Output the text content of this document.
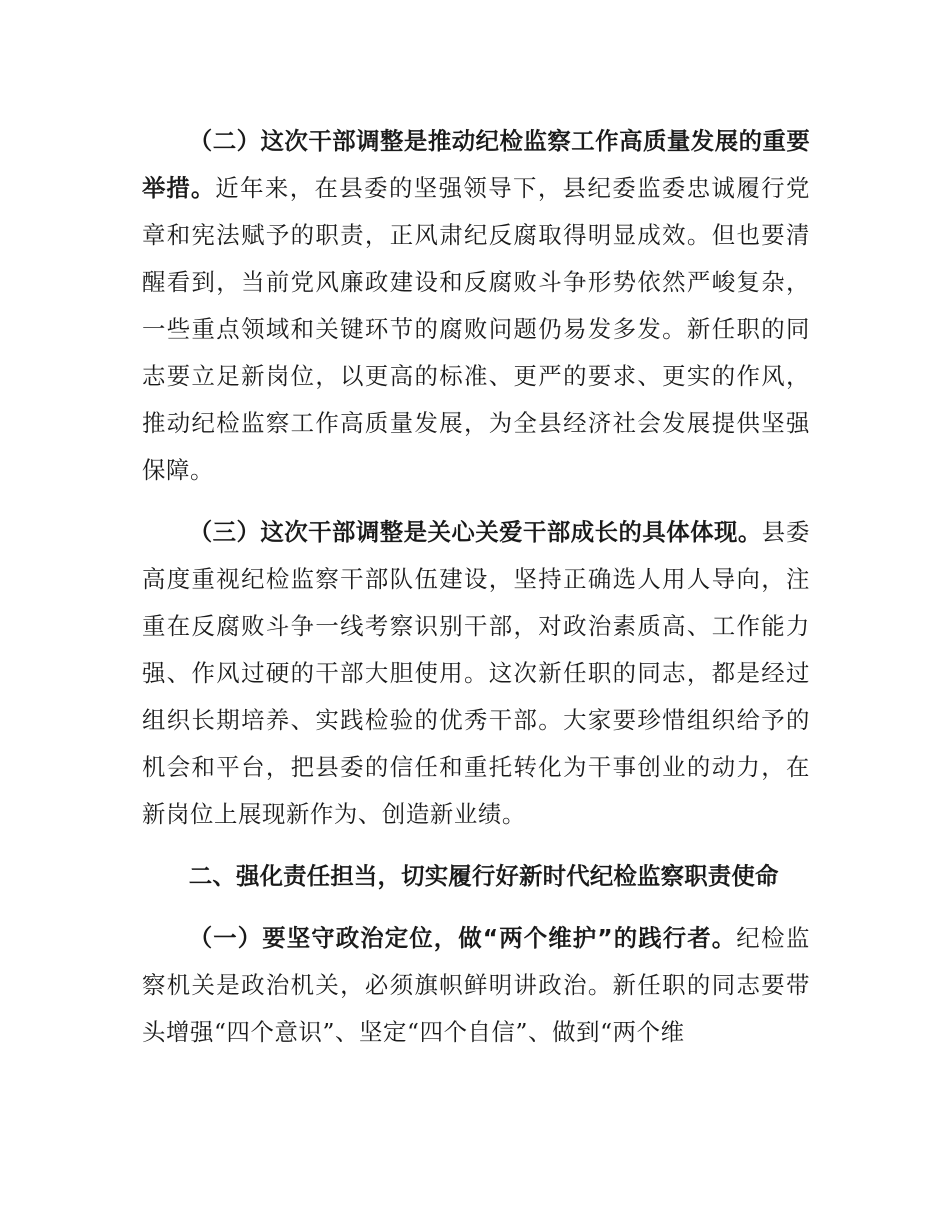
（二）这次干部调整是推动纪检监察工作高质量发展的重要举措。近年来，在县委的坚强领导下，县纪委监委忠诚履行党章和宪法赋予的职责，正风肃纪反腐取得明显成效。但也要清醒看到，当前党风廉政建设和反腐败斗争形势依然严峻复杂，一些重点领域和关键环节的腐败问题仍易发多发。新任职的同志要立足新岗位，以更高的标准、更严的要求、更实的作风，推动纪检监察工作高质量发展，为全县经济社会发展提供坚强保障。

（三）这次干部调整是关心关爱干部成长的具体体现。县委高度重视纪检监察干部队伍建设，坚持正确选人用人导向，注重在反腐败斗争一线考察识别干部，对政治素质高、工作能力强、作风过硬的干部大胆使用。这次新任职的同志，都是经过组织长期培养、实践检验的优秀干部。大家要珍惜组织给予的机会和平台，把县委的信任和重托转化为干事创业的动力，在新岗位上展现新作为、创造新业绩。

二、强化责任担当，切实履行好新时代纪检监察职责使命

（一）要坚守政治定位，做“两个维护”的践行者。纪检监察机关是政治机关，必须旗帜鲜明讲政治。新任职的同志要带头增强“四个意识”、坚定“四个自信”、做到“两个维
